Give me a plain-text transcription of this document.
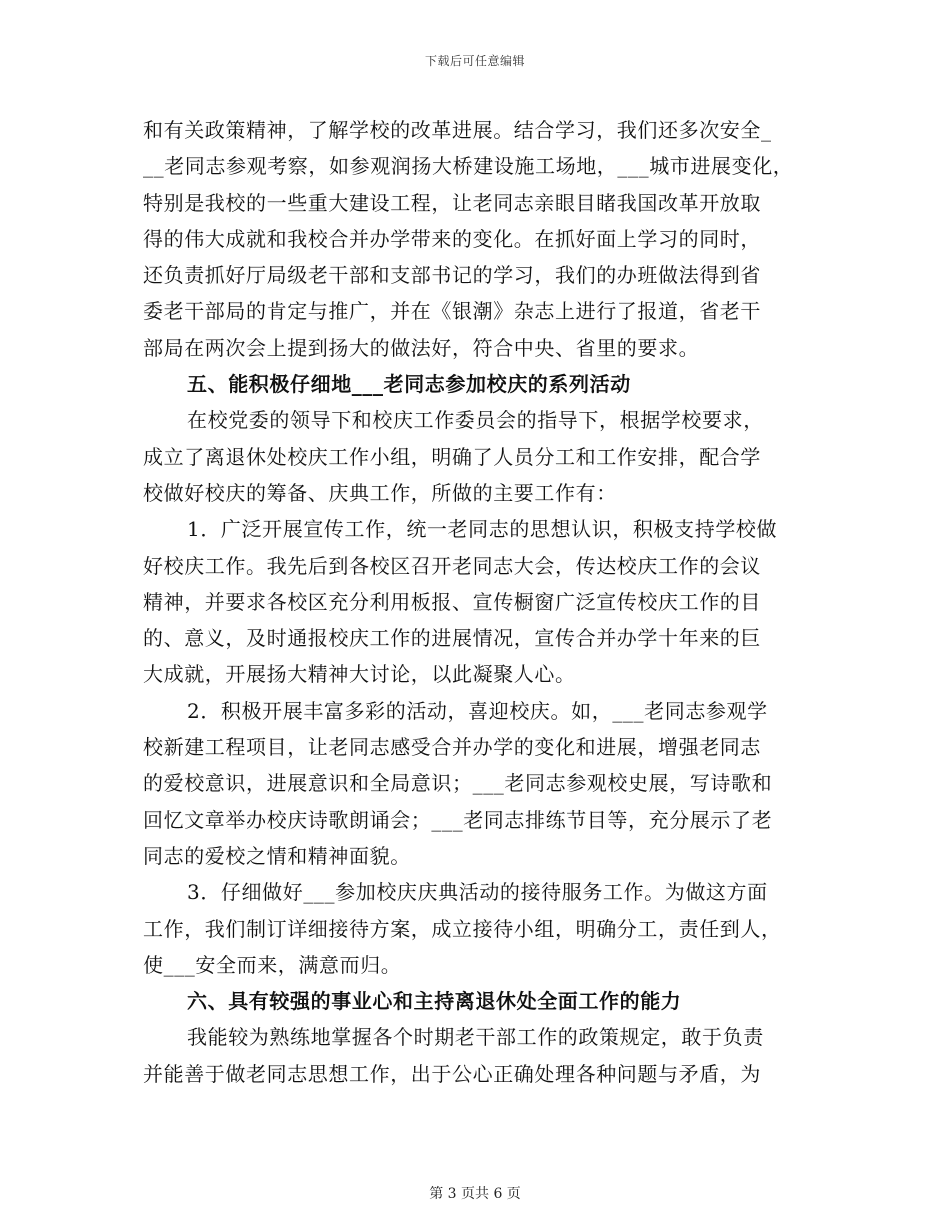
下载后可任意编辑
和有关政策精神，了解学校的改革进展。结合学习，我们还多次安全_
__老同志参观考察，如参观润扬大桥建设施工场地，___城市进展变化，
特别是我校的一些重大建设工程，让老同志亲眼目睹我国改革开放取
得的伟大成就和我校合并办学带来的变化。在抓好面上学习的同时，
还负责抓好厅局级老干部和支部书记的学习，我们的办班做法得到省
委老干部局的肯定与推广，并在《银潮》杂志上进行了报道，省老干
部局在两次会上提到扬大的做法好，符合中央、省里的要求。
五、能积极仔细地___老同志参加校庆的系列活动
在校党委的领导下和校庆工作委员会的指导下，根据学校要求，
成立了离退休处校庆工作小组，明确了人员分工和工作安排，配合学
校做好校庆的筹备、庆典工作，所做的主要工作有：
1．广泛开展宣传工作，统一老同志的思想认识，积极支持学校做
好校庆工作。我先后到各校区召开老同志大会，传达校庆工作的会议
精神，并要求各校区充分利用板报、宣传橱窗广泛宣传校庆工作的目
的、意义，及时通报校庆工作的进展情况，宣传合并办学十年来的巨
大成就，开展扬大精神大讨论，以此凝聚人心。
2．积极开展丰富多彩的活动，喜迎校庆。如，___老同志参观学
校新建工程项目，让老同志感受合并办学的变化和进展，增强老同志
的爱校意识，进展意识和全局意识；___老同志参观校史展，写诗歌和
回忆文章举办校庆诗歌朗诵会；___老同志排练节目等，充分展示了老
同志的爱校之情和精神面貌。
3．仔细做好___参加校庆庆典活动的接待服务工作。为做这方面
工作，我们制订详细接待方案，成立接待小组，明确分工，责任到人，
使___安全而来，满意而归。
六、具有较强的事业心和主持离退休处全面工作的能力
我能较为熟练地掌握各个时期老干部工作的政策规定，敢于负责
并能善于做老同志思想工作，出于公心正确处理各种问题与矛盾，为
第 3 页共 6 页
